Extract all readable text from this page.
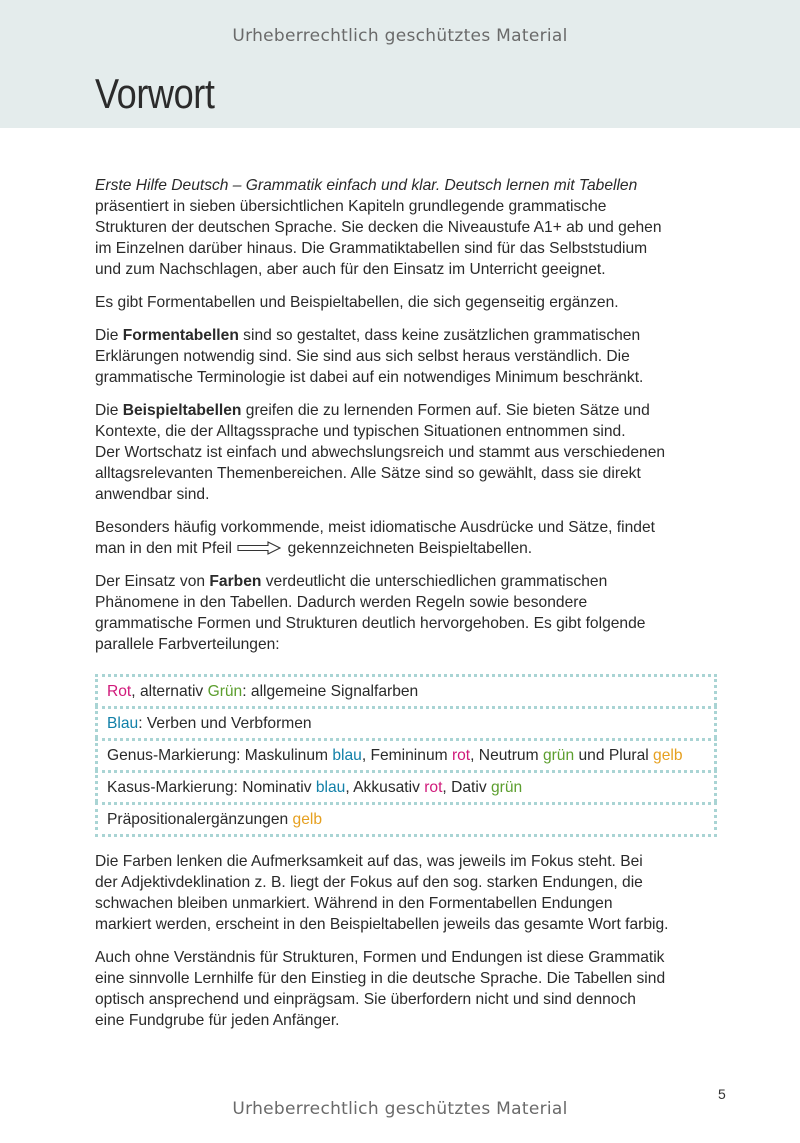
Urheberrechtlich geschütztes Material
Vorwort

Erste Hilfe Deutsch – Grammatik einfach und klar. Deutsch lernen mit Tabellen
präsentiert in sieben übersichtlichen Kapiteln grundlegende grammatische
Strukturen der deutschen Sprache. Sie decken die Niveaustufe A1+ ab und gehen
im Einzelnen darüber hinaus. Die Grammatiktabellen sind für das Selbststudium
und zum Nachschlagen, aber auch für den Einsatz im Unterricht geeignet.

Es gibt Formentabellen und Beispieltabellen, die sich gegenseitig ergänzen.

Die Formentabellen sind so gestaltet, dass keine zusätzlichen grammatischen
Erklärungen notwendig sind. Sie sind aus sich selbst heraus verständlich. Die
grammatische Terminologie ist dabei auf ein notwendiges Minimum beschränkt.

Die Beispieltabellen greifen die zu lernenden Formen auf. Sie bieten Sätze und
Kontexte, die der Alltagssprache und typischen Situationen entnommen sind.
Der Wortschatz ist einfach und abwechslungsreich und stammt aus verschiedenen
alltagsrelevanten Themenbereichen. Alle Sätze sind so gewählt, dass sie direkt
anwendbar sind.

Besonders häufig vorkommende, meist idiomatische Ausdrücke und Sätze, findet
man in den mit Pfeil	gekennzeichneten Beispieltabellen.

Der Einsatz von Farben verdeutlicht die unterschiedlichen grammatischen
Phänomene in den Tabellen. Dadurch werden Regeln sowie besondere
grammatische Formen und Strukturen deutlich hervorgehoben. Es gibt folgende
parallele Farbverteilungen:

Rot, alternativ Grün: allgemeine Signalfarben
Blau: Verben und Verbformen
Genus-Markierung: Maskulinum blau, Femininum rot, Neutrum grün und Plural gelb
Kasus-Markierung: Nominativ blau, Akkusativ rot, Dativ grün
Präpositionalergänzungen gelb

Die Farben lenken die Aufmerksamkeit auf das, was jeweils im Fokus steht. Bei
der Adjektivdeklination z. B. liegt der Fokus auf den sog. starken Endungen, die
schwachen bleiben unmarkiert. Während in den Formentabellen Endungen
markiert werden, erscheint in den Beispieltabellen jeweils das gesamte Wort farbig.

Auch ohne Verständnis für Strukturen, Formen und Endungen ist diese Grammatik
eine sinnvolle Lernhilfe für den Einstieg in die deutsche Sprache. Die Tabellen sind
optisch ansprechend und einprägsam. Sie überfordern nicht und sind dennoch
eine Fundgrube für jeden Anfänger.

5
Urheberrechtlich geschütztes Material
